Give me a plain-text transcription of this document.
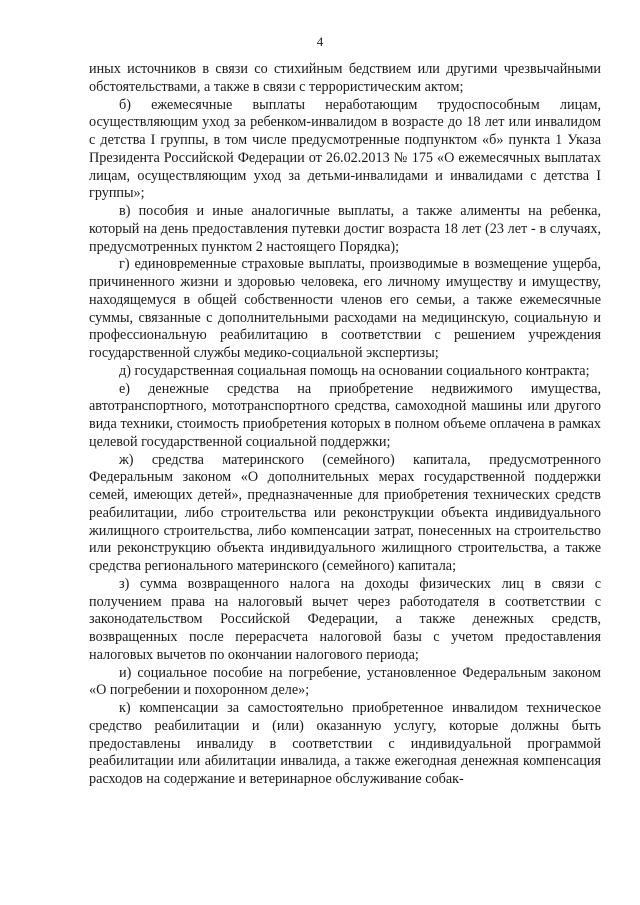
4

иных источников в связи со стихийным бедствием или другими чрезвычайными обстоятельствами, а также в связи с террористическим актом;

б) ежемесячные выплаты неработающим трудоспособным лицам, осуществляющим уход за ребенком-инвалидом в возрасте до 18 лет или инвалидом с детства I группы, в том числе предусмотренные подпунктом «б» пункта 1 Указа Президента Российской Федерации от 26.02.2013 № 175 «О ежемесячных выплатах лицам, осуществляющим уход за детьми-инвалидами и инвалидами с детства I группы»;

в) пособия и иные аналогичные выплаты, а также алименты на ребенка, который на день предоставления путевки достиг возраста 18 лет (23 лет - в случаях, предусмотренных пунктом 2 настоящего Порядка);

г) единовременные страховые выплаты, производимые в возмещение ущерба, причиненного жизни и здоровью человека, его личному имуществу и имуществу, находящемуся в общей собственности членов его семьи, а также ежемесячные суммы, связанные с дополнительными расходами на медицинскую, социальную и профессиональную реабилитацию в соответствии с решением учреждения государственной службы медико-социальной экспертизы;

д) государственная социальная помощь на основании социального контракта;

е) денежные средства на приобретение недвижимого имущества, автотранспортного, мототранспортного средства, самоходной машины или другого вида техники, стоимость приобретения которых в полном объеме оплачена в рамках целевой государственной социальной поддержки;

ж) средства материнского (семейного) капитала, предусмотренного Федеральным законом «О дополнительных мерах государственной поддержки семей, имеющих детей», предназначенные для приобретения технических средств реабилитации, либо строительства или реконструкции объекта индивидуального жилищного строительства, либо компенсации затрат, понесенных на строительство или реконструкцию объекта индивидуального жилищного строительства, а также средства регионального материнского (семейного) капитала;

з) сумма возвращенного налога на доходы физических лиц в связи с получением права на налоговый вычет через работодателя в соответствии с законодательством Российской Федерации, а также денежных средств, возвращенных после перерасчета налоговой базы с учетом предоставления налоговых вычетов по окончании налогового периода;

и) социальное пособие на погребение, установленное Федеральным законом «О погребении и похоронном деле»;

к) компенсации за самостоятельно приобретенное инвалидом техническое средство реабилитации и (или) оказанную услугу, которые должны быть предоставлены инвалиду в соответствии с индивидуальной программой реабилитации или абилитации инвалида, а также ежегодная денежная компенсация расходов на содержание и ветеринарное обслуживание собак-
